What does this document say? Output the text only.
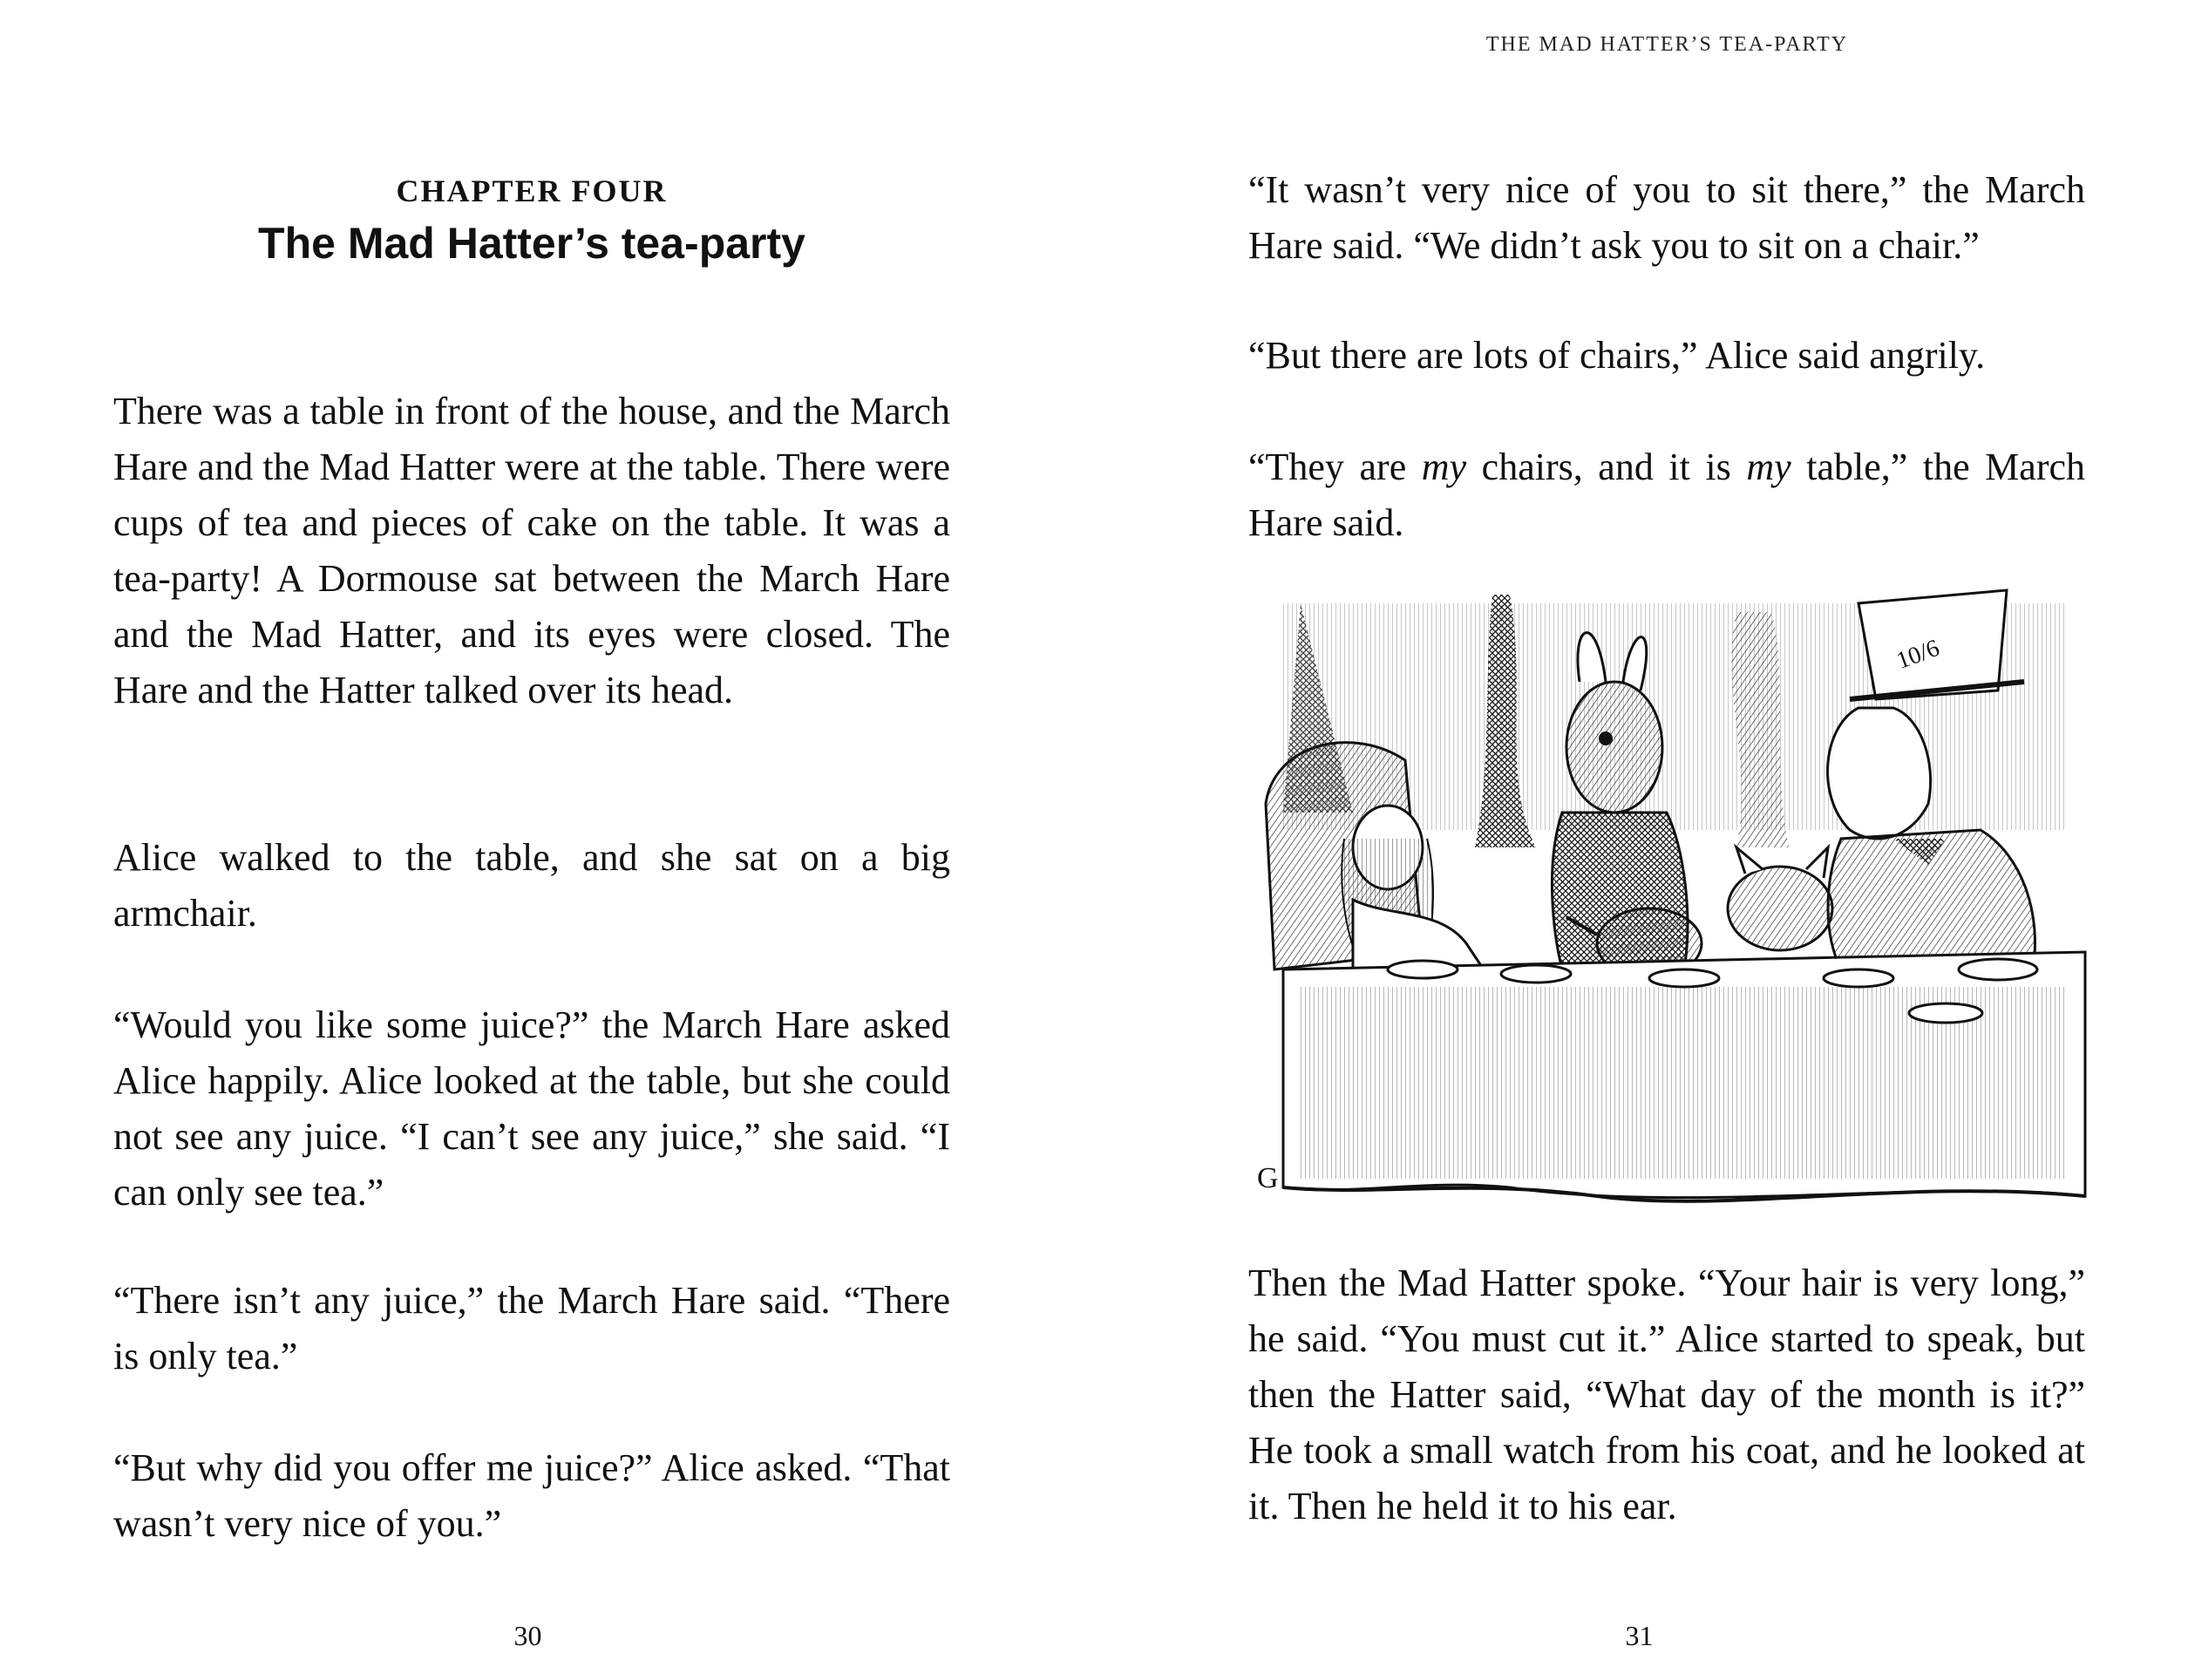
CHAPTER FOUR
The Mad Hatter’s tea-party

There was a table in front of the house, and the March Hare and the Mad Hatter were at the table. There were cups of tea and pieces of cake on the table. It was a tea-party! A Dormouse sat between the March Hare and the Mad Hatter, and its eyes were closed. The Hare and the Hatter talked over its head.

Alice walked to the table, and she sat on a big armchair.

“Would you like some juice?” the March Hare asked Alice happily. Alice looked at the table, but she could not see any juice. “I can’t see any juice,” she said. “I can only see tea.”

“There isn’t any juice,” the March Hare said. “There is only tea.”

“But why did you offer me juice?” Alice asked. “That wasn’t very nice of you.”

30
THE MAD HATTER’S TEA-PARTY

“It wasn’t very nice of you to sit there,” the March Hare said. “We didn’t ask you to sit on a chair.”

“But there are lots of chairs,” Alice said angrily.

“They are my chairs, and it is my table,” the March Hare said.

10/6
G

Then the Mad Hatter spoke. “Your hair is very long,” he said. “You must cut it.” Alice started to speak, but then the Hatter said, “What day of the month is it?” He took a small watch from his coat, and he looked at it. Then he held it to his ear.

31
